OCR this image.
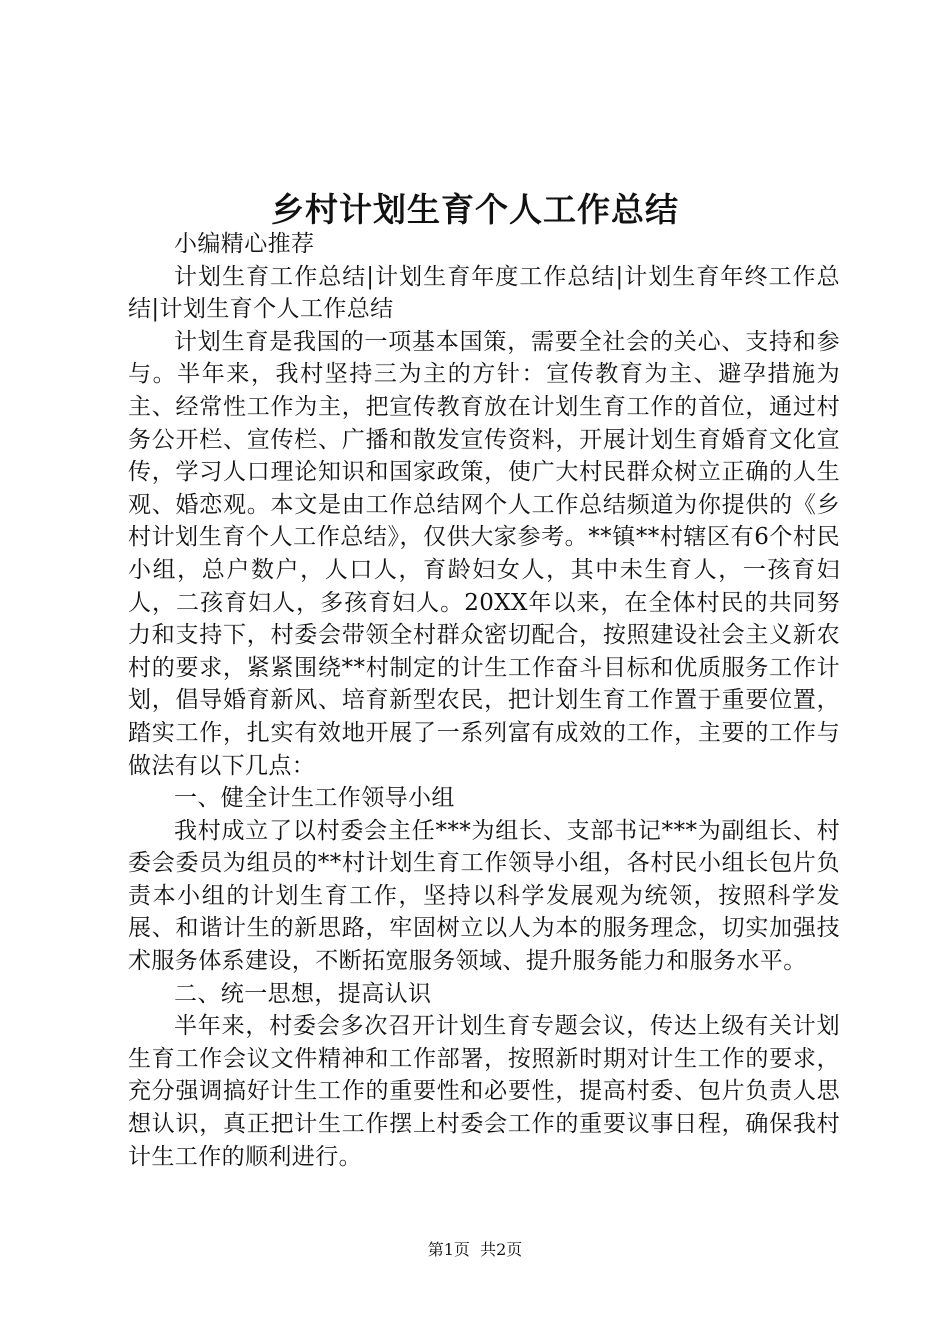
乡村计划生育个人工作总结

小编精心推荐

计划生育工作总结|计划生育年度工作总结|计划生育年终工作总结|计划生育个人工作总结

计划生育是我国的一项基本国策，需要全社会的关心、支持和参与。半年来，我村坚持三为主的方针：宣传教育为主、避孕措施为主、经常性工作为主，把宣传教育放在计划生育工作的首位，通过村务公开栏、宣传栏、广播和散发宣传资料，开展计划生育婚育文化宣传，学习人口理论知识和国家政策，使广大村民群众树立正确的人生观、婚恋观。本文是由工作总结网个人工作总结频道为你提供的《乡村计划生育个人工作总结》，仅供大家参考。**镇**村辖区有6个村民小组，总户数户，人口人，育龄妇女人，其中未生育人，一孩育妇人，二孩育妇人，多孩育妇人。20XX年以来，在全体村民的共同努力和支持下，村委会带领全村群众密切配合，按照建设社会主义新农村的要求，紧紧围绕**村制定的计生工作奋斗目标和优质服务工作计划，倡导婚育新风、培育新型农民，把计划生育工作置于重要位置，踏实工作，扎实有效地开展了一系列富有成效的工作，主要的工作与做法有以下几点：

一、健全计生工作领导小组

我村成立了以村委会主任***为组长、支部书记***为副组长、村委会委员为组员的**村计划生育工作领导小组，各村民小组长包片负责本小组的计划生育工作，坚持以科学发展观为统领，按照科学发展、和谐计生的新思路，牢固树立以人为本的服务理念，切实加强技术服务体系建设，不断拓宽服务领域、提升服务能力和服务水平。

二、统一思想，提高认识

半年来，村委会多次召开计划生育专题会议，传达上级有关计划生育工作会议文件精神和工作部署，按照新时期对计生工作的要求，充分强调搞好计生工作的重要性和必要性，提高村委、包片负责人思想认识，真正把计生工作摆上村委会工作的重要议事日程，确保我村计生工作的顺利进行。

第1页 共2页
